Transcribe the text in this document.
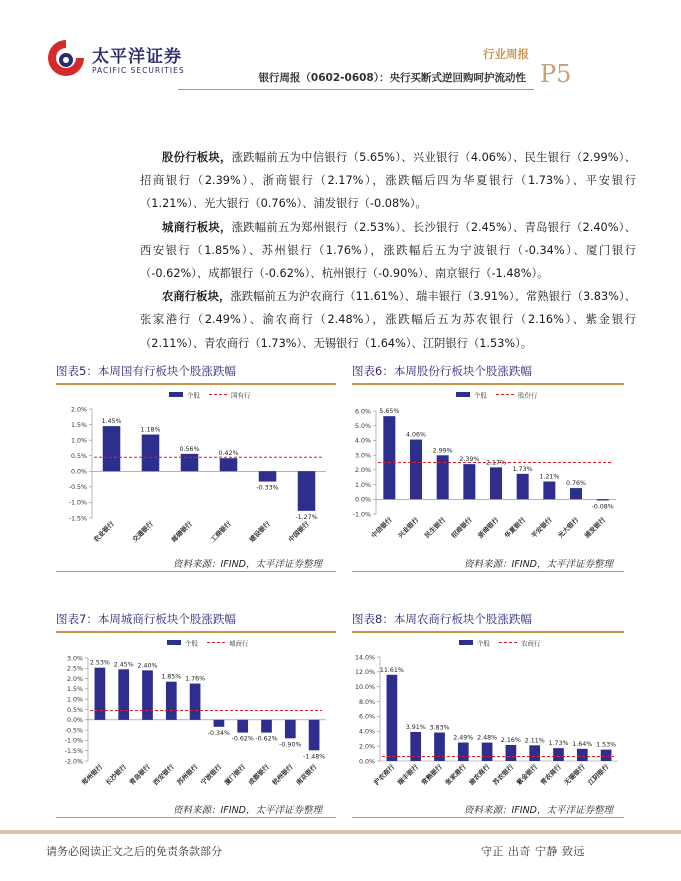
太平洋证券
PACIFIC SECURITIES
行业周报
P5
银行周报（0602-0608）：央行买断式逆回购呵护流动性

股份行板块，涨跌幅前五为中信银行（5.65%）、兴业银行（4.06%）、民生银行（2.99%）、招商银行（2.39%）、浙商银行（2.17%），涨跌幅后四为华夏银行（1.73%）、平安银行（1.21%）、光大银行（0.76%）、浦发银行（-0.08%）。

城商行板块，涨跌幅前五为郑州银行（2.53%）、长沙银行（2.45%）、青岛银行（2.40%）、西安银行（1.85%）、苏州银行（1.76%），涨跌幅后五为宁波银行（-0.34%）、厦门银行（-0.62%）、成都银行（-0.62%）、杭州银行（-0.90%）、南京银行（-1.48%）。

农商行板块，涨跌幅前五为沪农商行（11.61%）、瑞丰银行（3.91%）、常熟银行（3.83%）、张家港行（2.49%）、渝农商行（2.48%），涨跌幅后五为苏农银行（2.16%）、紫金银行（2.11%）、青农商行（1.73%）、无锡银行（1.64%）、江阴银行（1.53%）。

图表5：本周国有行板块个股涨跌幅
个股	国有行
2.0%
1.5%
1.0%
0.5%
0.0%
-0.5%
-1.0%
-1.5%
1.45%
农业银行
1.18%
交通银行
0.56%
邮储银行
0.42%
工商银行
-0.33%
建设银行
-1.27%
中国银行
资料来源：IFIND，太平洋证券整理
图表6：本周股份行板块个股涨跌幅
个股	股份行
6.0%
5.0%
4.0%
3.0%
2.0%
1.0%
0.0%
-1.0%
5.65%
中信银行
4.06%
兴业银行
2.99%
民生银行
2.39%
招商银行
2.17%
浙商银行
1.73%
华夏银行
1.21%
平安银行
0.76%
光大银行
-0.08%
浦发银行
资料来源：IFIND，太平洋证券整理
图表7：本周城商行板块个股涨跌幅
个股	城商行
3.0%
2.5%
2.0%
1.5%
1.0%
0.5%
0.0%
-0.5%
-1.0%
-1.5%
-2.0%
2.53%
郑州银行
2.45%
长沙银行
2.40%
青岛银行
1.85%
西安银行
1.76%
苏州银行
-0.34%
宁波银行
-0.62%
厦门银行
-0.62%
成都银行
-0.90%
杭州银行
-1.48%
南京银行
资料来源：IFIND，太平洋证券整理
图表8：本周农商行板块个股涨跌幅
个股	农商行
14.0%
12.0%
10.0%
8.0%
6.0%
4.0%
2.0%
0.0%
11.61%
沪农商行
3.91%
瑞丰银行
3.83%
常熟银行
2.49%
张家港行
2.48%
渝农商行
2.16%
苏农银行
2.11%
紫金银行
1.73%
青农商行
1.64%
无锡银行
1.53%
江阴银行
资料来源：IFIND，太平洋证券整理
请务必阅读正文之后的免责条款部分	守正 出奇 宁静 致远
